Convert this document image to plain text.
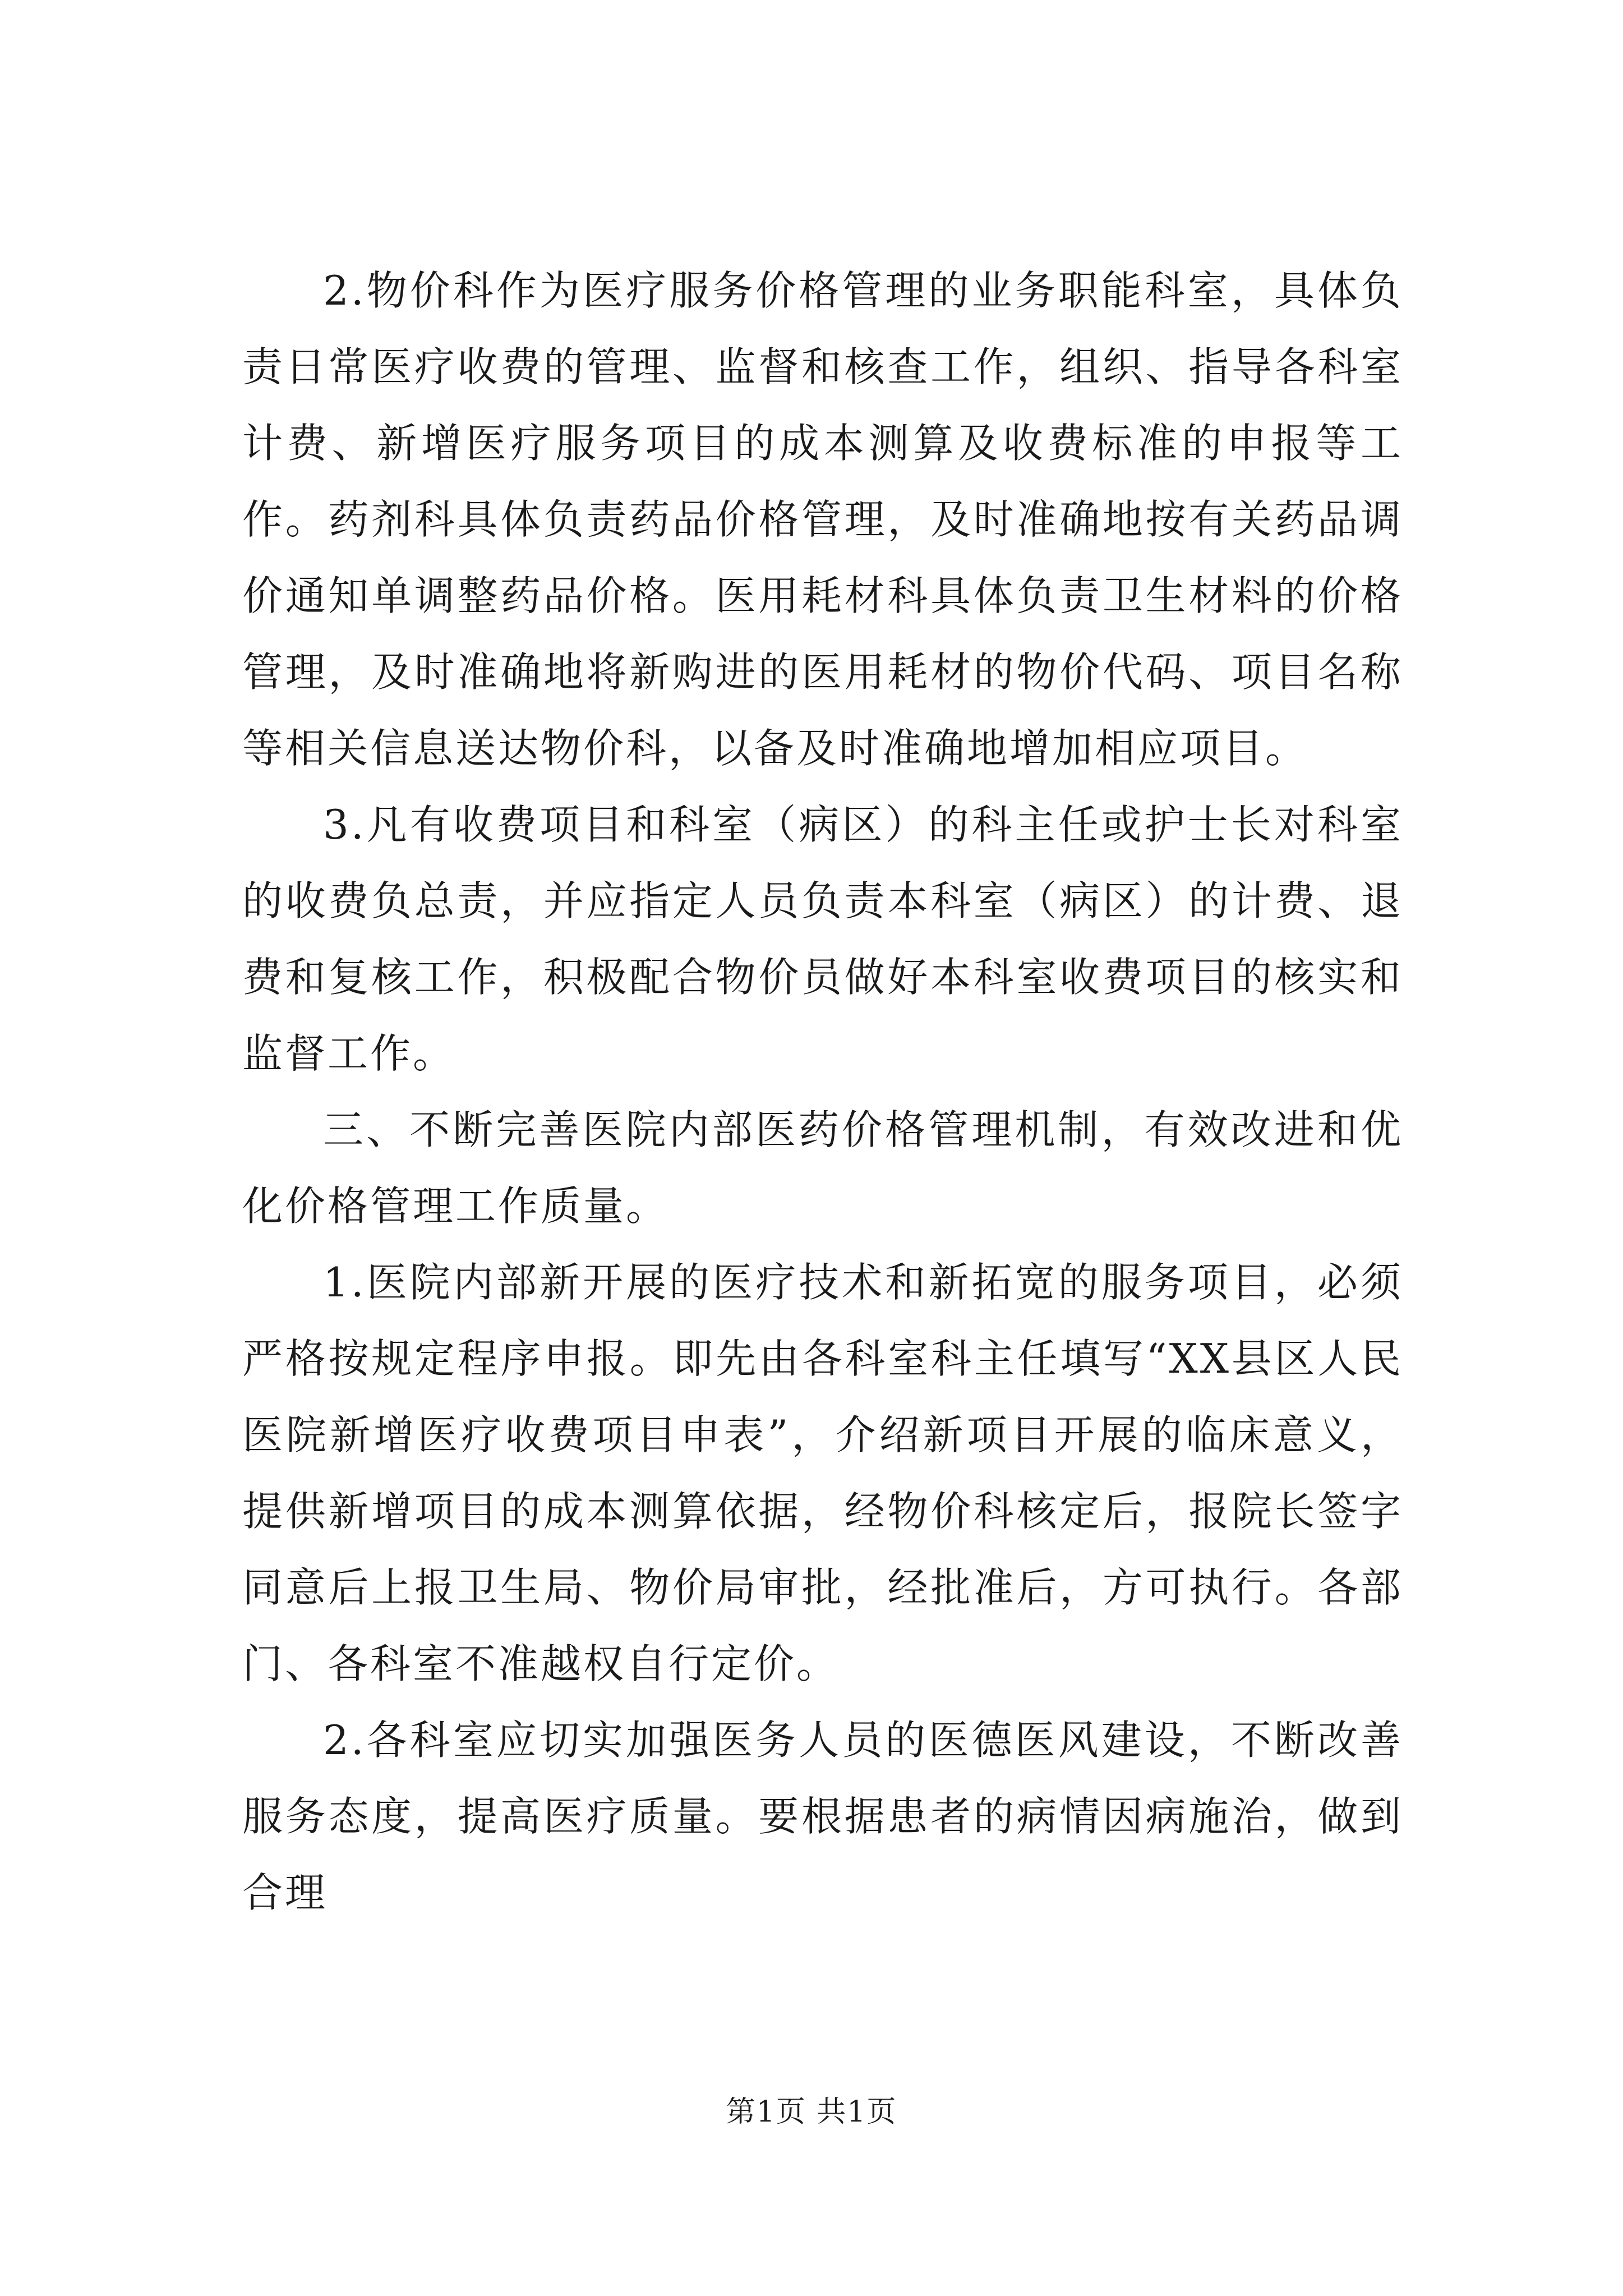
2.物价科作为医疗服务价格管理的业务职能科室，具体负责日常医疗收费的管理、监督和核查工作，组织、指导各科室计费、新增医疗服务项目的成本测算及收费标准的申报等工作。药剂科具体负责药品价格管理，及时准确地按有关药品调价通知单调整药品价格。医用耗材科具体负责卫生材料的价格管理，及时准确地将新购进的医用耗材的物价代码、项目名称等相关信息送达物价科，以备及时准确地增加相应项目。

3.凡有收费项目和科室（病区）的科主任或护士长对科室的收费负总责，并应指定人员负责本科室（病区）的计费、退费和复核工作，积极配合物价员做好本科室收费项目的核实和监督工作。

三、不断完善医院内部医药价格管理机制，有效改进和优化价格管理工作质量。

1.医院内部新开展的医疗技术和新拓宽的服务项目，必须严格按规定程序申报。即先由各科室科主任填写“XX县区人民医院新增医疗收费项目申表”，介绍新项目开展的临床意义，提供新增项目的成本测算依据，经物价科核定后，报院长签字同意后上报卫生局、物价局审批，经批准后，方可执行。各部门、各科室不准越权自行定价。

2.各科室应切实加强医务人员的医德医风建设，不断改善服务态度，提高医疗质量。要根据患者的病情因病施治，做到合理

第1页 共1页
